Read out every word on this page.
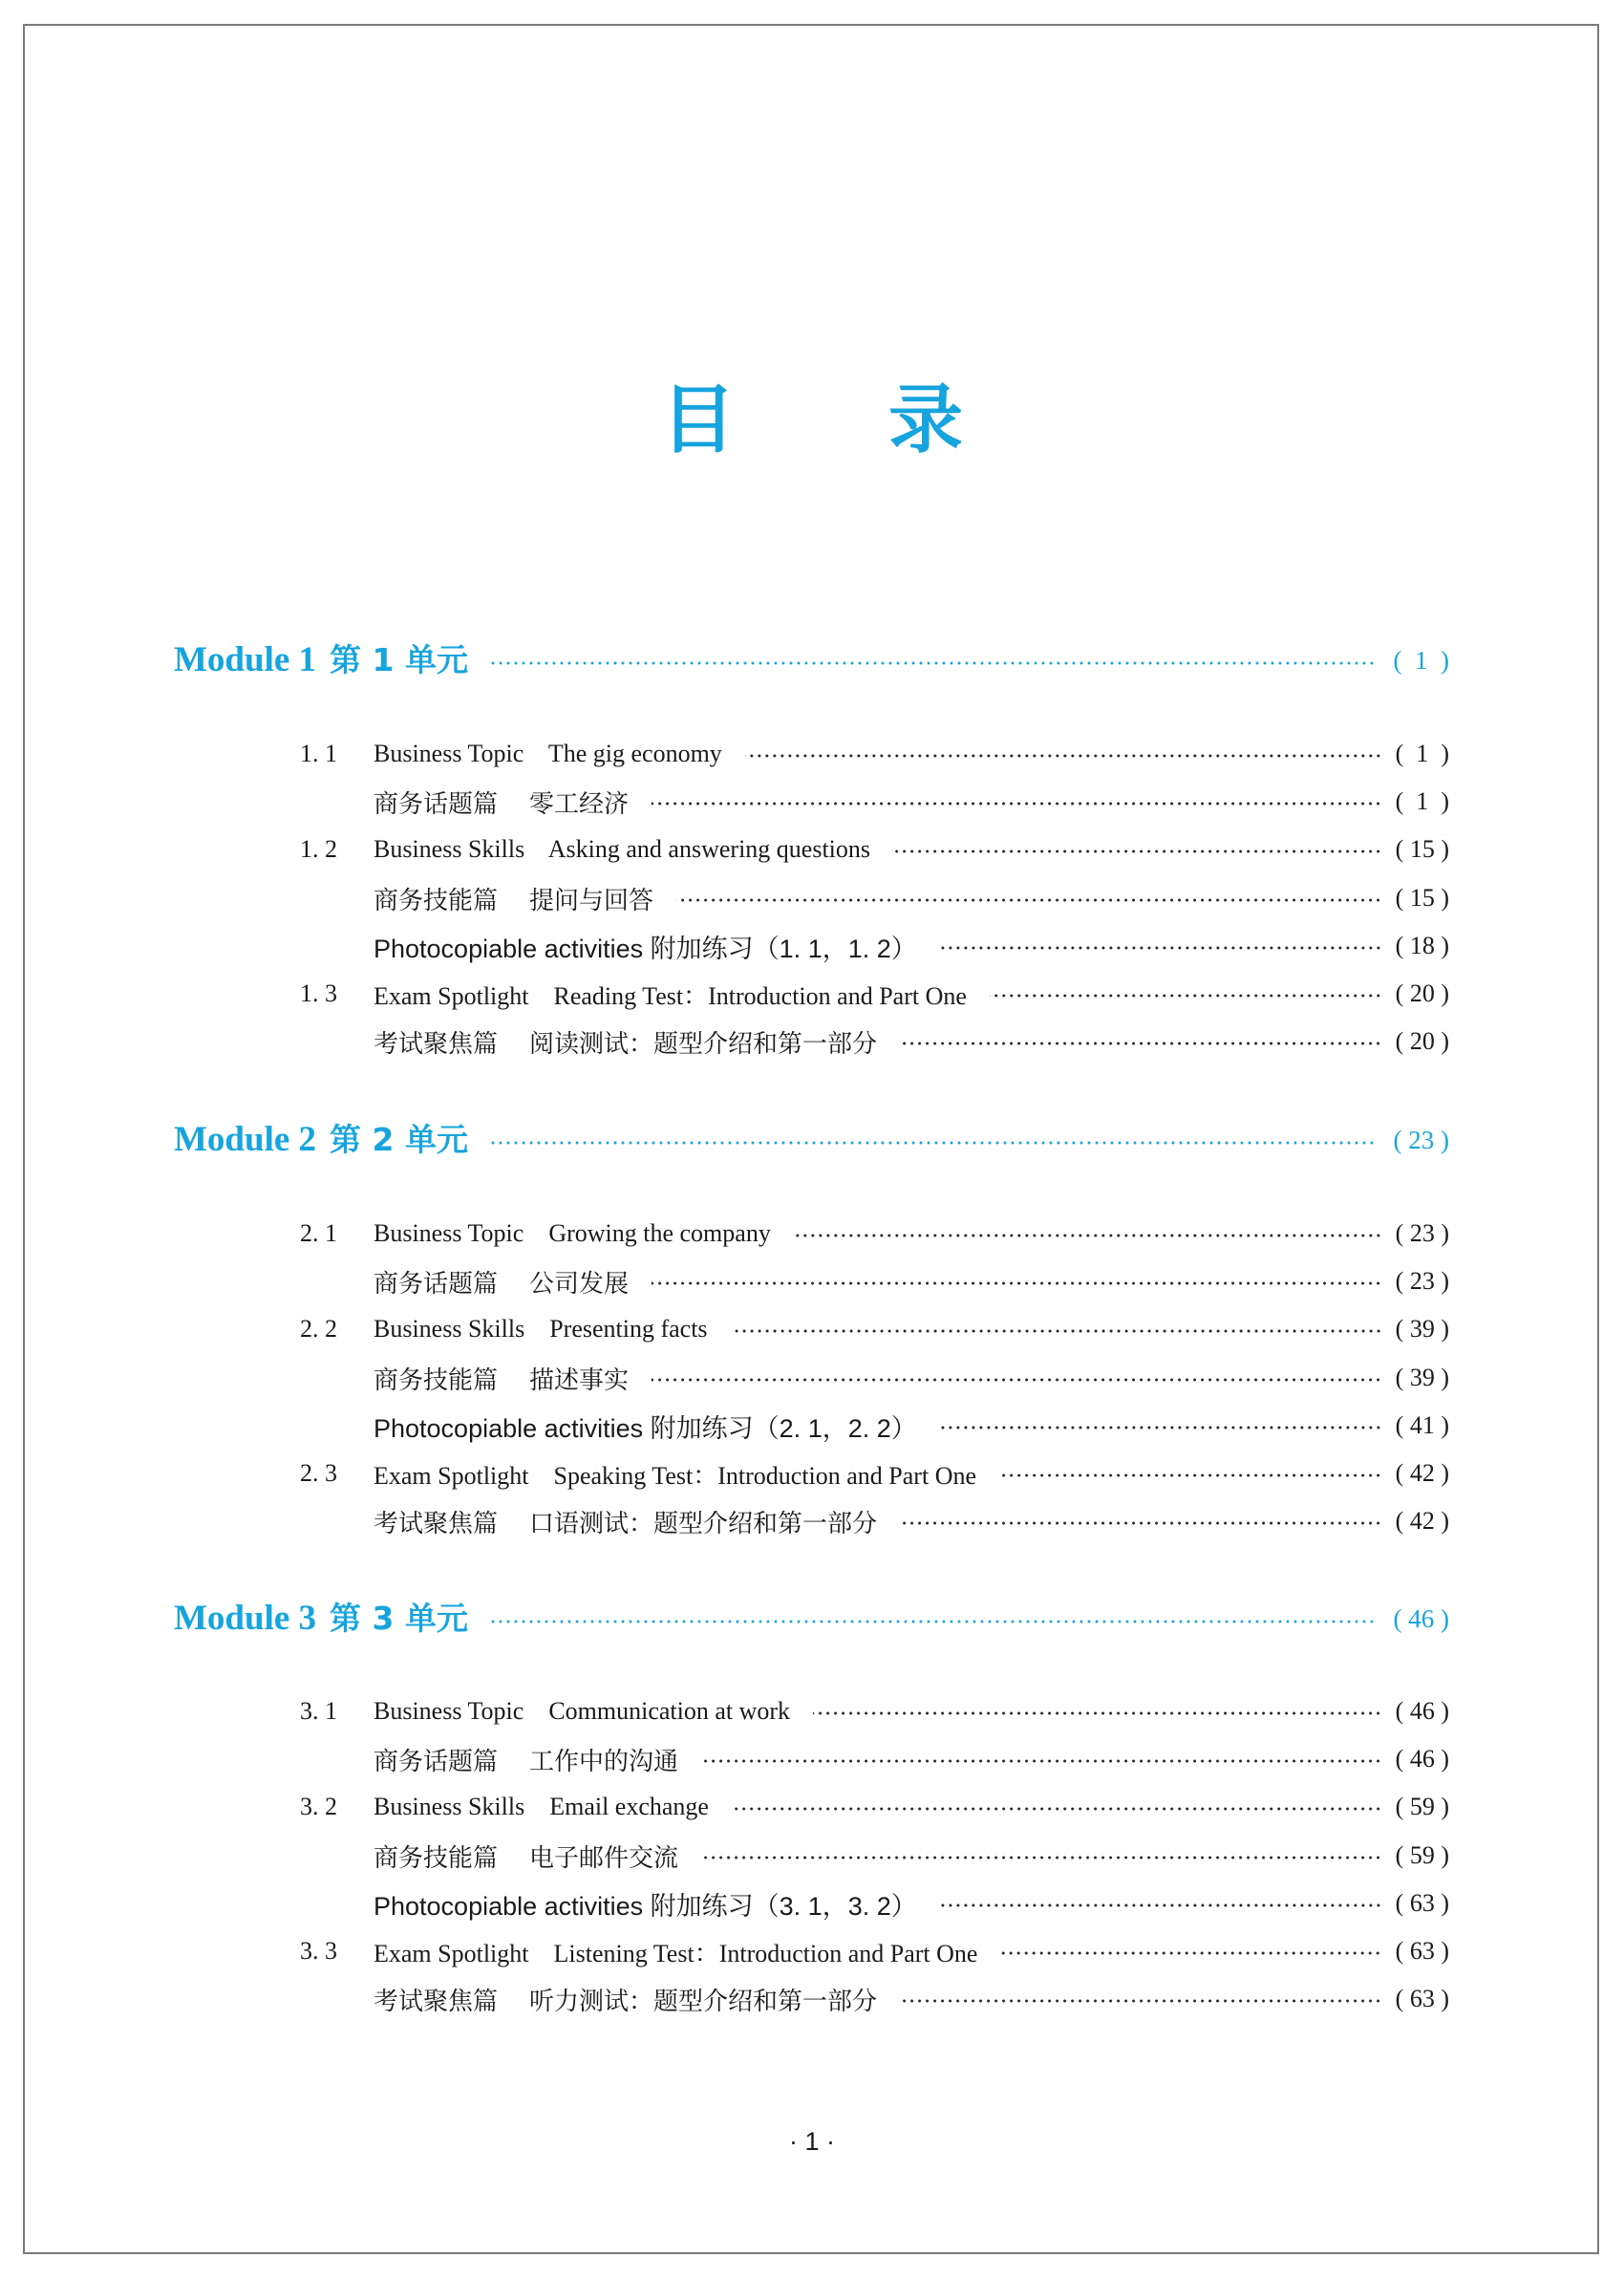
目 录
Module 1 第 1 单元	(  1  )
1. 1	Business Topic    The gig economy	(  1  )
商务话题篇    零工经济	(  1  )
1. 2	Business Skills    Asking and answering questions	( 15 )
商务技能篇    提问与回答	( 15 )
Photocopiable activities 附加练习（1. 1，1. 2）	( 18 )
1. 3	Exam Spotlight    Reading Test：Introduction and Part One	( 20 )
考试聚焦篇    阅读测试：题型介绍和第一部分	( 20 )
Module 2 第 2 单元	( 23 )
2. 1	Business Topic    Growing the company	( 23 )
商务话题篇    公司发展	( 23 )
2. 2	Business Skills    Presenting facts	( 39 )
商务技能篇    描述事实	( 39 )
Photocopiable activities 附加练习（2. 1，2. 2）	( 41 )
2. 3	Exam Spotlight    Speaking Test：Introduction and Part One	( 42 )
考试聚焦篇    口语测试：题型介绍和第一部分	( 42 )
Module 3 第 3 单元	( 46 )
3. 1	Business Topic    Communication at work	( 46 )
商务话题篇    工作中的沟通	( 46 )
3. 2	Business Skills    Email exchange	( 59 )
商务技能篇    电子邮件交流	( 59 )
Photocopiable activities 附加练习（3. 1，3. 2）	( 63 )
3. 3	Exam Spotlight    Listening Test：Introduction and Part One	( 63 )
考试聚焦篇    听力测试：题型介绍和第一部分	( 63 )
· 1 ·
